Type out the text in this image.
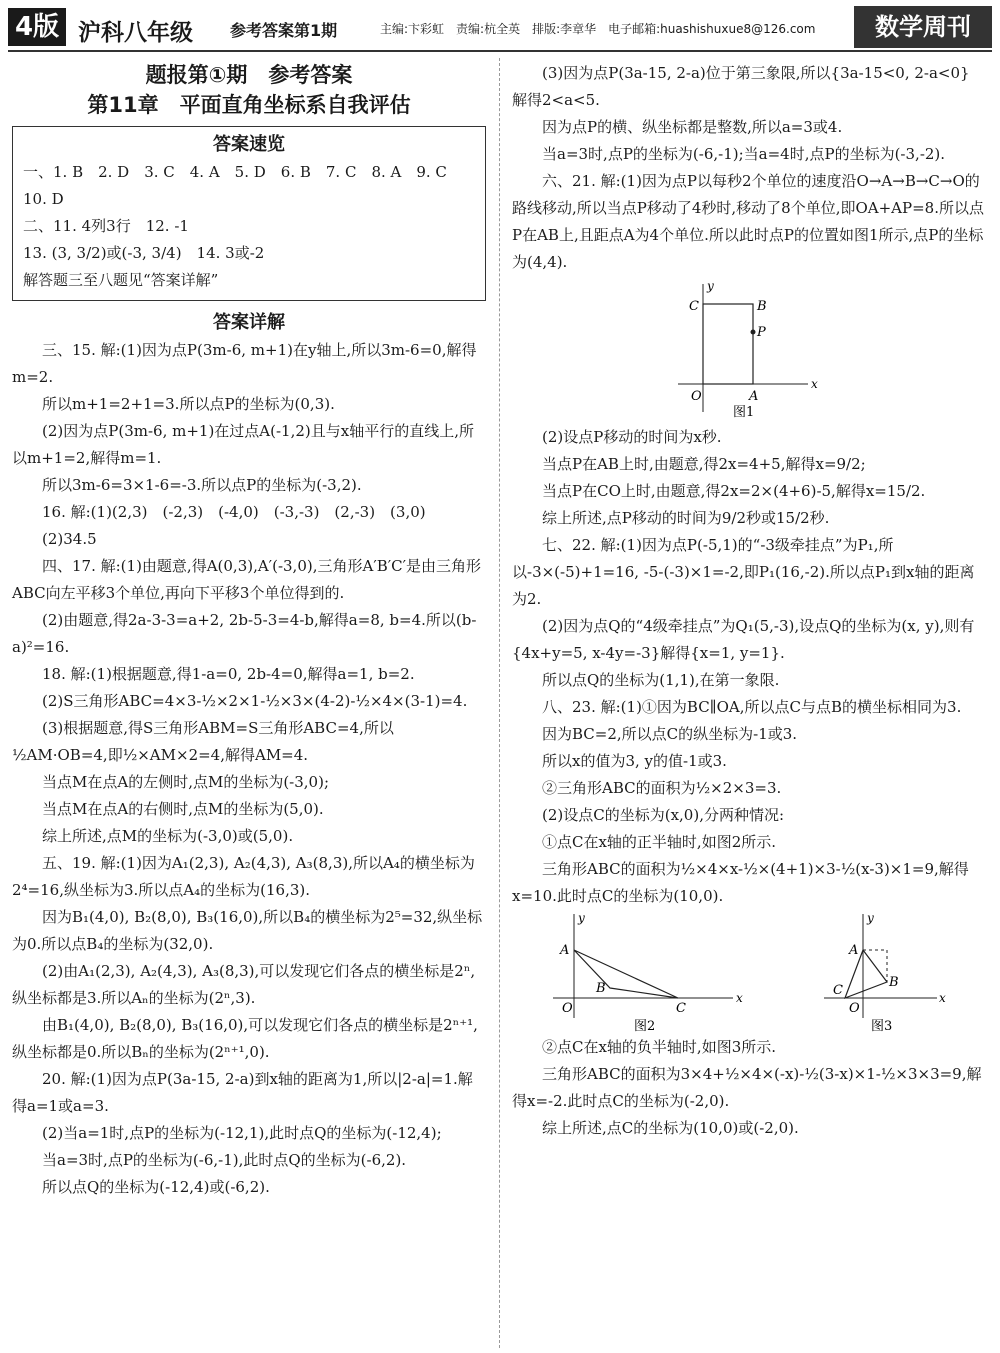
4版 沪科八年级 参考答案第1期	主编:卞彩虹　责编:杭全英　排版:李章华　电子邮箱:huashishuxue8@126.com	数学周刊
题报第①期　参考答案
第11章　平面直角坐标系自我评估
答案速览

一、1. B　2. D　3. C　4. A　5. D　6. B　7. C　8. A　9. C　10. D

二、11. 4列3行　12. -1

13. (3, 3/2)或(-3, 3/4)　14. 3或-2

解答题三至八题见“答案详解”

答案详解

三、15. 解:(1)因为点P(3m-6, m+1)在y轴上,所以3m-6=0,解得m=2.

所以m+1=2+1=3.所以点P的坐标为(0,3).

(2)因为点P(3m-6, m+1)在过点A(-1,2)且与x轴平行的直线上,所以m+1=2,解得m=1.

所以3m-6=3×1-6=-3.所以点P的坐标为(-3,2).

16. 解:(1)(2,3)　(-2,3)　(-4,0)　(-3,-3)　(2,-3)　(3,0)

(2)34.5

四、17. 解:(1)由题意,得A(0,3),A′(-3,0),三角形A′B′C′是由三角形ABC向左平移3个单位,再向下平移3个单位得到的.

(2)由题意,得2a-3-3=a+2, 2b-5-3=4-b,解得a=8, b=4.所以(b-a)²=16.

18. 解:(1)根据题意,得1-a=0, 2b-4=0,解得a=1, b=2.

(2)S三角形ABC=4×3-½×2×1-½×3×(4-2)-½×4×(3-1)=4.

(3)根据题意,得S三角形ABM=S三角形ABC=4,所以½AM·OB=4,即½×AM×2=4,解得AM=4.

当点M在点A的左侧时,点M的坐标为(-3,0);

当点M在点A的右侧时,点M的坐标为(5,0).

综上所述,点M的坐标为(-3,0)或(5,0).

五、19. 解:(1)因为A₁(2,3), A₂(4,3), A₃(8,3),所以A₄的横坐标为2⁴=16,纵坐标为3.所以点A₄的坐标为(16,3).

因为B₁(4,0), B₂(8,0), B₃(16,0),所以B₄的横坐标为2⁵=32,纵坐标为0.所以点B₄的坐标为(32,0).

(2)由A₁(2,3), A₂(4,3), A₃(8,3),可以发现它们各点的横坐标是2ⁿ,纵坐标都是3.所以Aₙ的坐标为(2ⁿ,3).

由B₁(4,0), B₂(8,0), B₃(16,0),可以发现它们各点的横坐标是2ⁿ⁺¹,纵坐标都是0.所以Bₙ的坐标为(2ⁿ⁺¹,0).

20. 解:(1)因为点P(3a-15, 2-a)到x轴的距离为1,所以|2-a|=1.解得a=1或a=3.

(2)当a=1时,点P的坐标为(-12,1),此时点Q的坐标为(-12,4);

当a=3时,点P的坐标为(-6,-1),此时点Q的坐标为(-6,2).

所以点Q的坐标为(-12,4)或(-6,2).

(3)因为点P(3a-15, 2-a)位于第三象限,所以{3a-15<0, 2-a<0}解得2<a<5.

因为点P的横、纵坐标都是整数,所以a=3或4.

当a=3时,点P的坐标为(-6,-1);当a=4时,点P的坐标为(-3,-2).

六、21. 解:(1)因为点P以每秒2个单位的速度沿O→A→B→C→O的路线移动,所以当点P移动了4秒时,移动了8个单位,即OA+AP=8.所以点P在AB上,且距点A为4个单位.所以此时点P的位置如图1所示,点P的坐标为(4,4).

x
y
O	A
B
C
P
图1

(2)设点P移动的时间为x秒.

当点P在AB上时,由题意,得2x=4+5,解得x=9/2;

当点P在CO上时,由题意,得2x=2×(4+6)-5,解得x=15/2.

综上所述,点P移动的时间为9/2秒或15/2秒.

七、22. 解:(1)因为点P(-5,1)的“-3级牵挂点”为P₁,所以-3×(-5)+1=16, -5-(-3)×1=-2,即P₁(16,-2).所以点P₁到x轴的距离为2.

(2)因为点Q的“4级牵挂点”为Q₁(5,-3),设点Q的坐标为(x, y),则有{4x+y=5, x-4y=-3}解得{x=1, y=1}.

所以点Q的坐标为(1,1),在第一象限.

八、23. 解:(1)①因为BC∥OA,所以点C与点B的横坐标相同为3.

因为BC=2,所以点C的纵坐标为-1或3.

所以x的值为3, y的值-1或3.

②三角形ABC的面积为½×2×3=3.

(2)设点C的坐标为(x,0),分两种情况:

①点C在x轴的正半轴时,如图2所示.

三角形ABC的面积为½×4×x-½×(4+1)×3-½(x-3)×1=9,解得x=10.此时点C的坐标为(10,0).

x
y
O
A
B
C
图2
x
y
O
A
B
C
图3

②点C在x轴的负半轴时,如图3所示.

三角形ABC的面积为3×4+½×4×(-x)-½(3-x)×1-½×3×3=9,解得x=-2.此时点C的坐标为(-2,0).

综上所述,点C的坐标为(10,0)或(-2,0).
